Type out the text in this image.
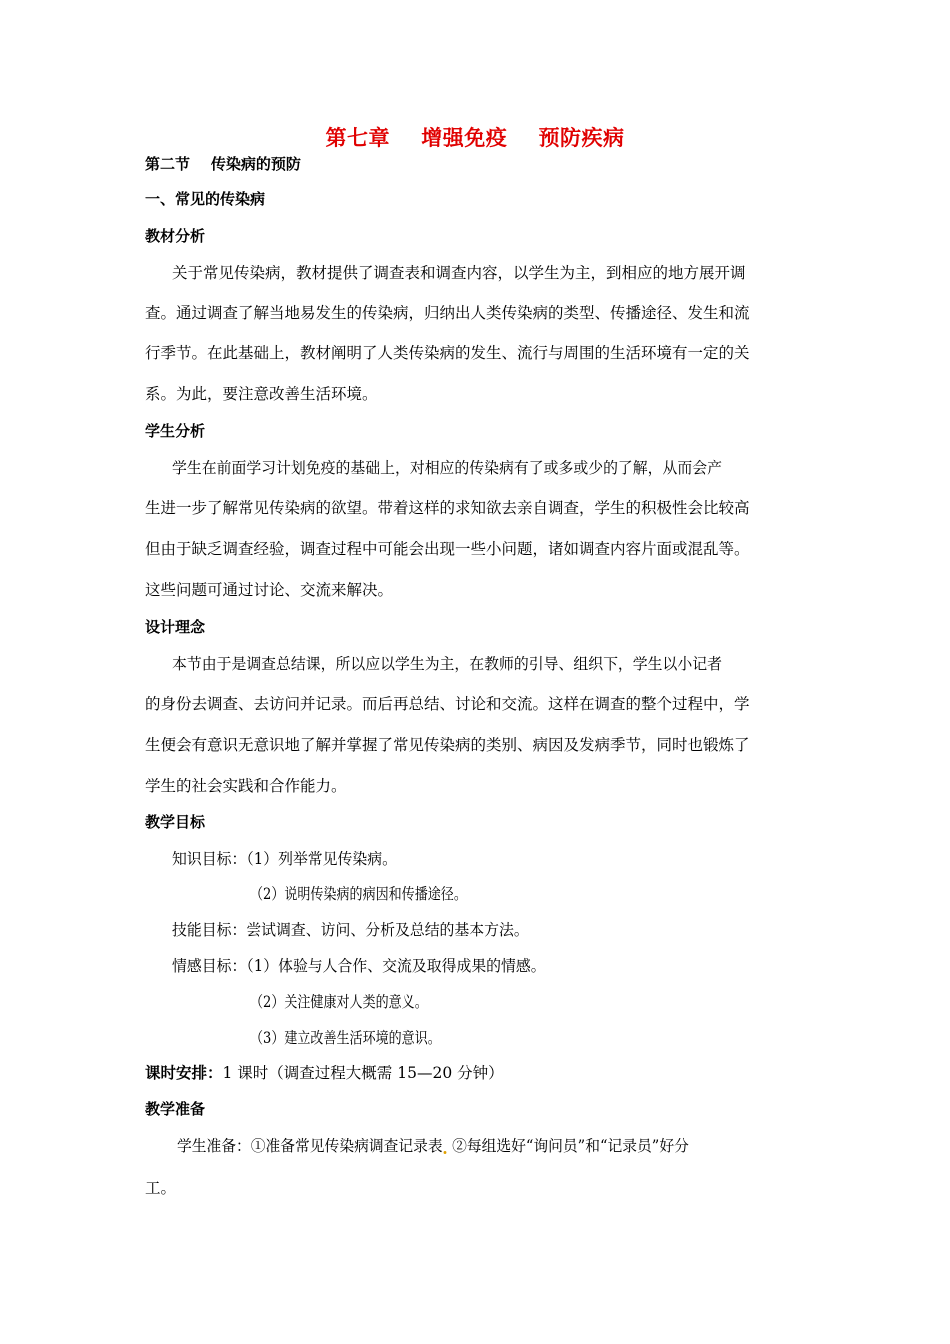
第七章    增强免疫    预防疾病
第二节    传染病的预防
一、常见的传染病
教材分析
关于常见传染病，教材提供了调查表和调查内容，以学生为主，到相应的地方展开调
查。通过调查了解当地易发生的传染病，归纳出人类传染病的类型、传播途径、发生和流
行季节。在此基础上，教材阐明了人类传染病的发生、流行与周围的生活环境有一定的关
系。为此，要注意改善生活环境。
学生分析
学生在前面学习计划免疫的基础上，对相应的传染病有了或多或少的了解，从而会产
生进一步了解常见传染病的欲望。带着这样的求知欲去亲自调查，学生的积极性会比较高
但由于缺乏调查经验，调查过程中可能会出现一些小问题，诸如调查内容片面或混乱等。
这些问题可通过讨论、交流来解决。
设计理念
本节由于是调查总结课，所以应以学生为主，在教师的引导、组织下，学生以小记者
的身份去调查、去访问并记录。而后再总结、讨论和交流。这样在调查的整个过程中，学
生便会有意识无意识地了解并掌握了常见传染病的类别、病因及发病季节，同时也锻炼了
学生的社会实践和合作能力。
教学目标
知识目标：（1）列举常见传染病。
（2）说明传染病的病因和传播途径。
技能目标：尝试调查、访问、分析及总结的基本方法。
情感目标：（1）体验与人合作、交流及取得成果的情感。
（2）关注健康对人类的意义。
（3）建立改善生活环境的意识。
课时安排：1 课时（调查过程大概需 15—20 分钟）
教学准备
学生准备：①准备常见传染病调查记录表 ②每组选好“询问员”和“记录员”好分
工。
